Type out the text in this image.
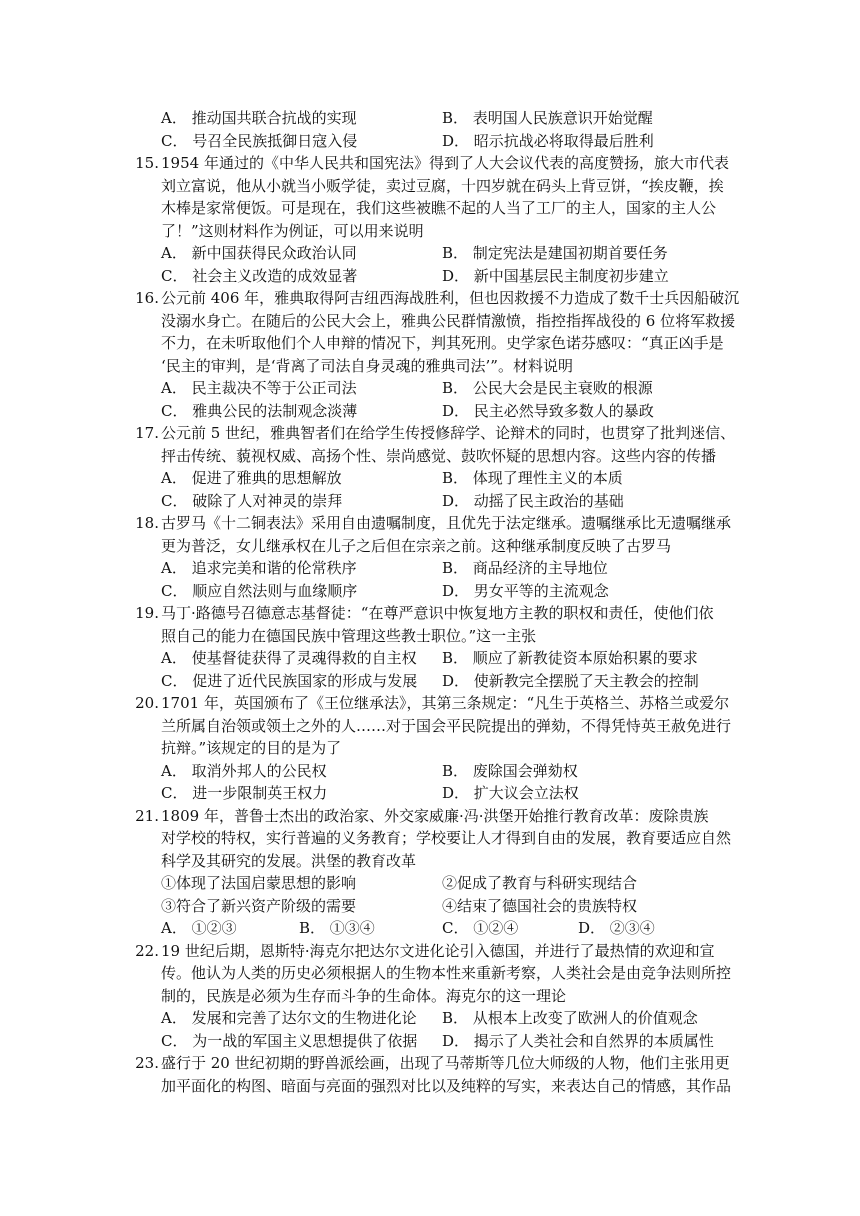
A． 推动国共联合抗战的实现	B． 表明国人民族意识开始觉醒
C． 号召全民族抵御日寇入侵	D． 昭示抗战必将取得最后胜利
15. 1954 年通过的《中华人民共和国宪法》得到了人大会议代表的高度赞扬，旅大市代表
刘立富说，他从小就当小贩学徒，卖过豆腐，十四岁就在码头上背豆饼，“挨皮鞭，挨
木棒是家常便饭。可是现在，我们这些被瞧不起的人当了工厂的主人，国家的主人公
了！”这则材料作为例证，可以用来说明
A． 新中国获得民众政治认同	B． 制定宪法是建国初期首要任务
C． 社会主义改造的成效显著	D． 新中国基层民主制度初步建立
16. 公元前 406 年，雅典取得阿吉纽西海战胜利，但也因救援不力造成了数千士兵因船破沉
没溺水身亡。在随后的公民大会上，雅典公民群情激愤，指控指挥战役的 6 位将军救援
不力，在未听取他们个人申辩的情况下，判其死刑。史学家色诺芬感叹：“真正凶手是
‘民主的审判，是‘背离了司法自身灵魂的雅典司法’”。材料说明
A． 民主裁决不等于公正司法	B． 公民大会是民主衰败的根源
C． 雅典公民的法制观念淡薄	D． 民主必然导致多数人的暴政
17. 公元前 5 世纪，雅典智者们在给学生传授修辞学、论辩术的同时，也贯穿了批判迷信、
抨击传统、藐视权威、高扬个性、崇尚感觉、鼓吹怀疑的思想内容。这些内容的传播
A． 促进了雅典的思想解放	B． 体现了理性主义的本质
C． 破除了人对神灵的崇拜	D． 动摇了民主政治的基础
18. 古罗马《十二铜表法》采用自由遗嘱制度，且优先于法定继承。遗嘱继承比无遗嘱继承
更为普泛，女儿继承权在儿子之后但在宗亲之前。这种继承制度反映了古罗马
A． 追求完美和谐的伦常秩序	B． 商品经济的主导地位
C． 顺应自然法则与血缘顺序	D． 男女平等的主流观念
19. 马丁·路德号召德意志基督徒：“在尊严意识中恢复地方主教的职权和责任，使他们依
照自己的能力在德国民族中管理这些教士职位。”这一主张
A． 使基督徒获得了灵魂得救的自主权 B． 顺应了新教徒资本原始积累的要求
C． 促进了近代民族国家的形成与发展 D． 使新教完全摆脱了天主教会的控制
20. 1701 年，英国颁布了《王位继承法》，其第三条规定：“凡生于英格兰、苏格兰或爱尔
兰所属自治领或领土之外的人……对于国会平民院提出的弹劾，不得凭恃英王赦免进行
抗辩。”该规定的目的是为了
A． 取消外邦人的公民权	B． 废除国会弹劾权
C． 进一步限制英王权力	D． 扩大议会立法权
21. 1809 年，普鲁士杰出的政治家、外交家威廉·冯·洪堡开始推行教育改革：废除贵族
对学校的特权，实行普遍的义务教育；学校要让人才得到自由的发展，教育要适应自然
科学及其研究的发展。洪堡的教育改革
①体现了法国启蒙思想的影响	②促成了教育与科研实现结合
③符合了新兴资产阶级的需要	④结束了德国社会的贵族特权
A． ①②③	B． ①③④	C． ①②④	D． ②③④
22. 19 世纪后期，恩斯特·海克尔把达尔文进化论引入德国，并进行了最热情的欢迎和宣
传。他认为人类的历史必须根据人的生物本性来重新考察，人类社会是由竞争法则所控
制的，民族是必须为生存而斗争的生命体。海克尔的这一理论
A． 发展和完善了达尔文的生物进化论 B． 从根本上改变了欧洲人的价值观念
C． 为一战的军国主义思想提供了依据 D． 揭示了人类社会和自然界的本质属性
23. 盛行于 20 世纪初期的野兽派绘画，出现了马蒂斯等几位大师级的人物，他们主张用更
加平面化的构图、暗面与亮面的强烈对比以及纯粹的写实，来表达自己的情感，其作品
